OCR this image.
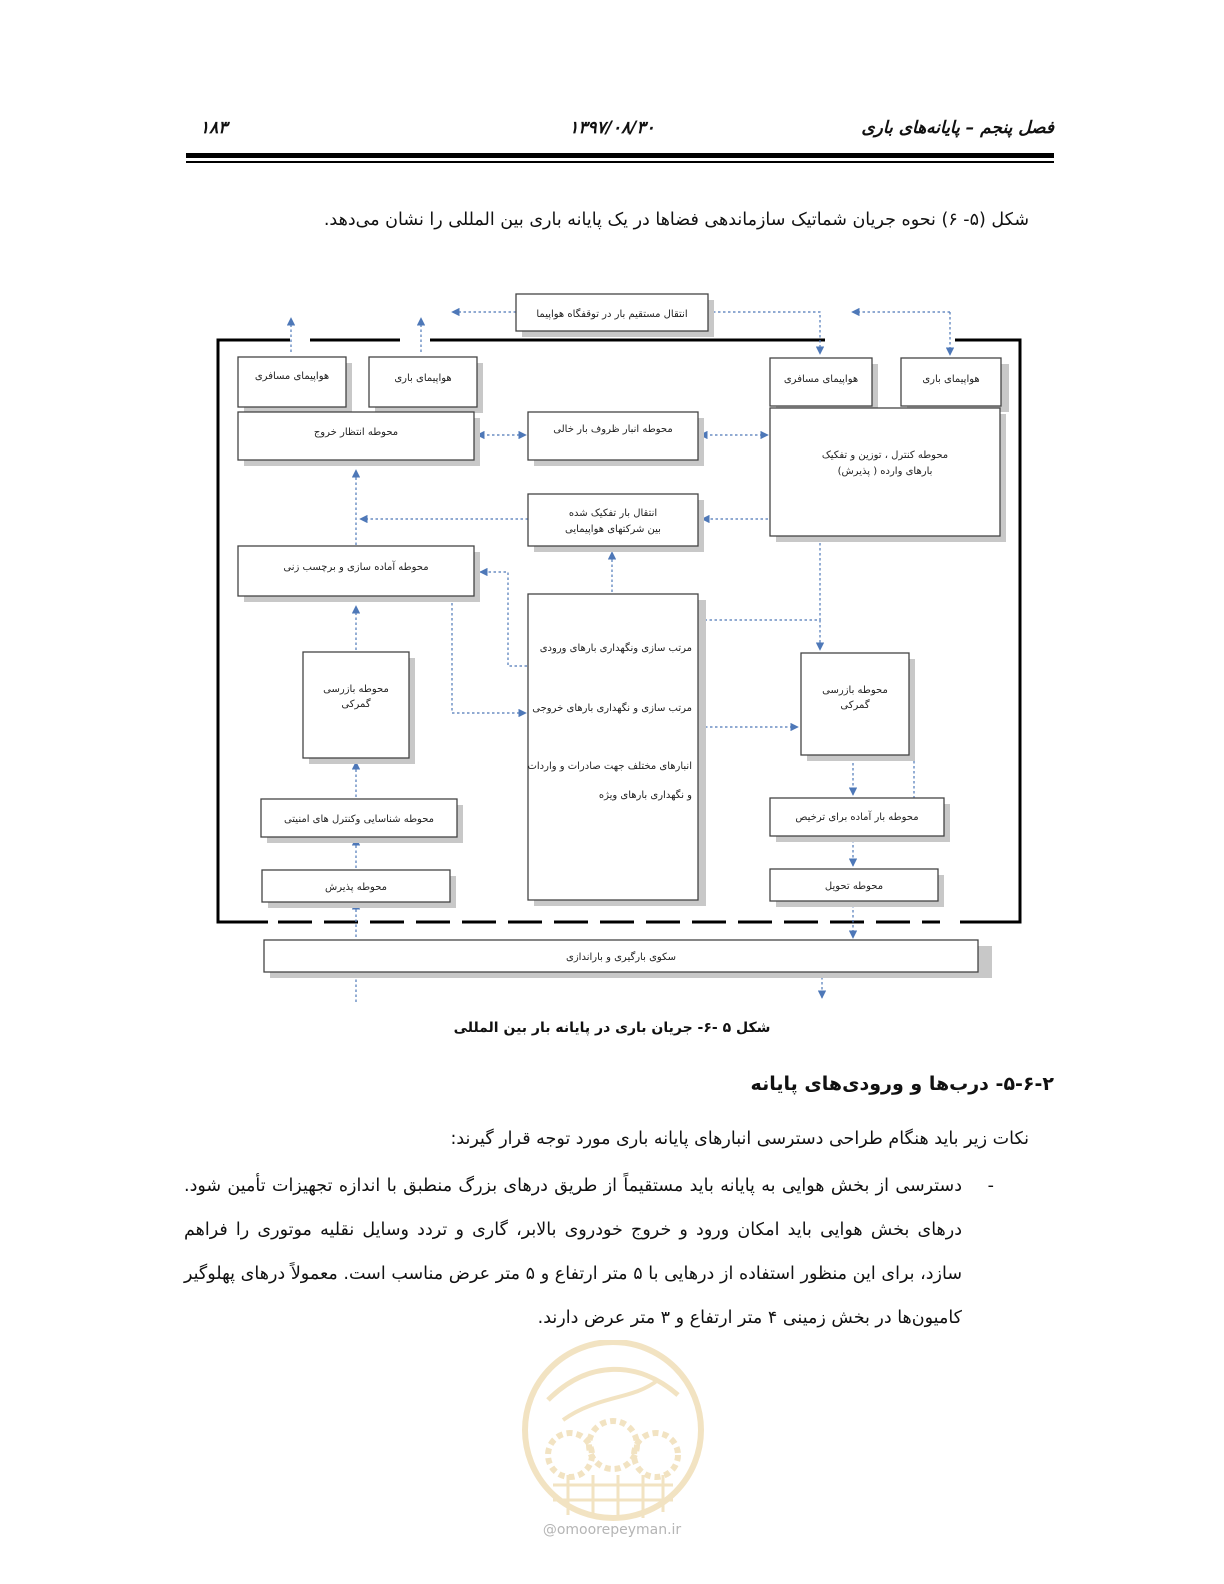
فصل پنجم – پایانه‌های باری
۱۳۹۷/۰۸/۳۰
۱۸۳
شکل (۵- ۶) نحوه جریان شماتیک سازماندهی فضاها در یک پایانه باری بین المللی را نشان می‌دهد.
انتقال مستقیم بار در توقفگاه هواپیما
هواپیمای مسافری	هواپیمای باری	هواپیمای مسافری	هواپیمای باری
محوطه انتظار خروج	محوطه انبار ظروف بار خالی
محوطه کنترل ، توزین و تفکیک
بارهای وارده ( پذیرش)
انتقال بار تفکیک شده
بین شرکتهای هواپیمایی
محوطه آماده سازی و برچسب زنی
مرتب سازی ونگهداری بارهای ورودی
مرتب سازی و نگهداری بارهای خروجی
انبارهای مختلف جهت صادرات و واردات
و نگهداری بارهای ویژه
محوطه بازرسی
گمرکی
محوطه بازرسی
گمرکی
محوطه شناسایی وکنترل های امنیتی	محوطه بار آماده برای ترخیص
محوطه پذیرش	محوطه تحویل
سکوی بارگیری و باراندازی
شکل ۵ -۶- جریان باری در پایانه بار بین المللی
۵-۶-۲- درب‌ها و ورودی‌های پایانه
نکات زیر باید هنگام طراحی دسترسی انبارهای پایانه باری مورد توجه قرار گیرند:
-
دسترسی از بخش هوایی به پایانه باید مستقیماً از طریق درهای بزرگ منطبق با اندازه تجهیزات تأمین شود. درهای بخش هوایی باید امکان ورود و خروج خودروی بالابر، گاری و تردد وسایل نقلیه موتوری را فراهم سازد، برای این منظور استفاده از درهایی با ۵ متر ارتفاع و ۵ متر عرض مناسب است. معمولاً درهای پهلوگیر کامیون‌ها در بخش زمینی ۴ متر ارتفاع و ۳ متر عرض دارند.
@omoorepeyman.ir
